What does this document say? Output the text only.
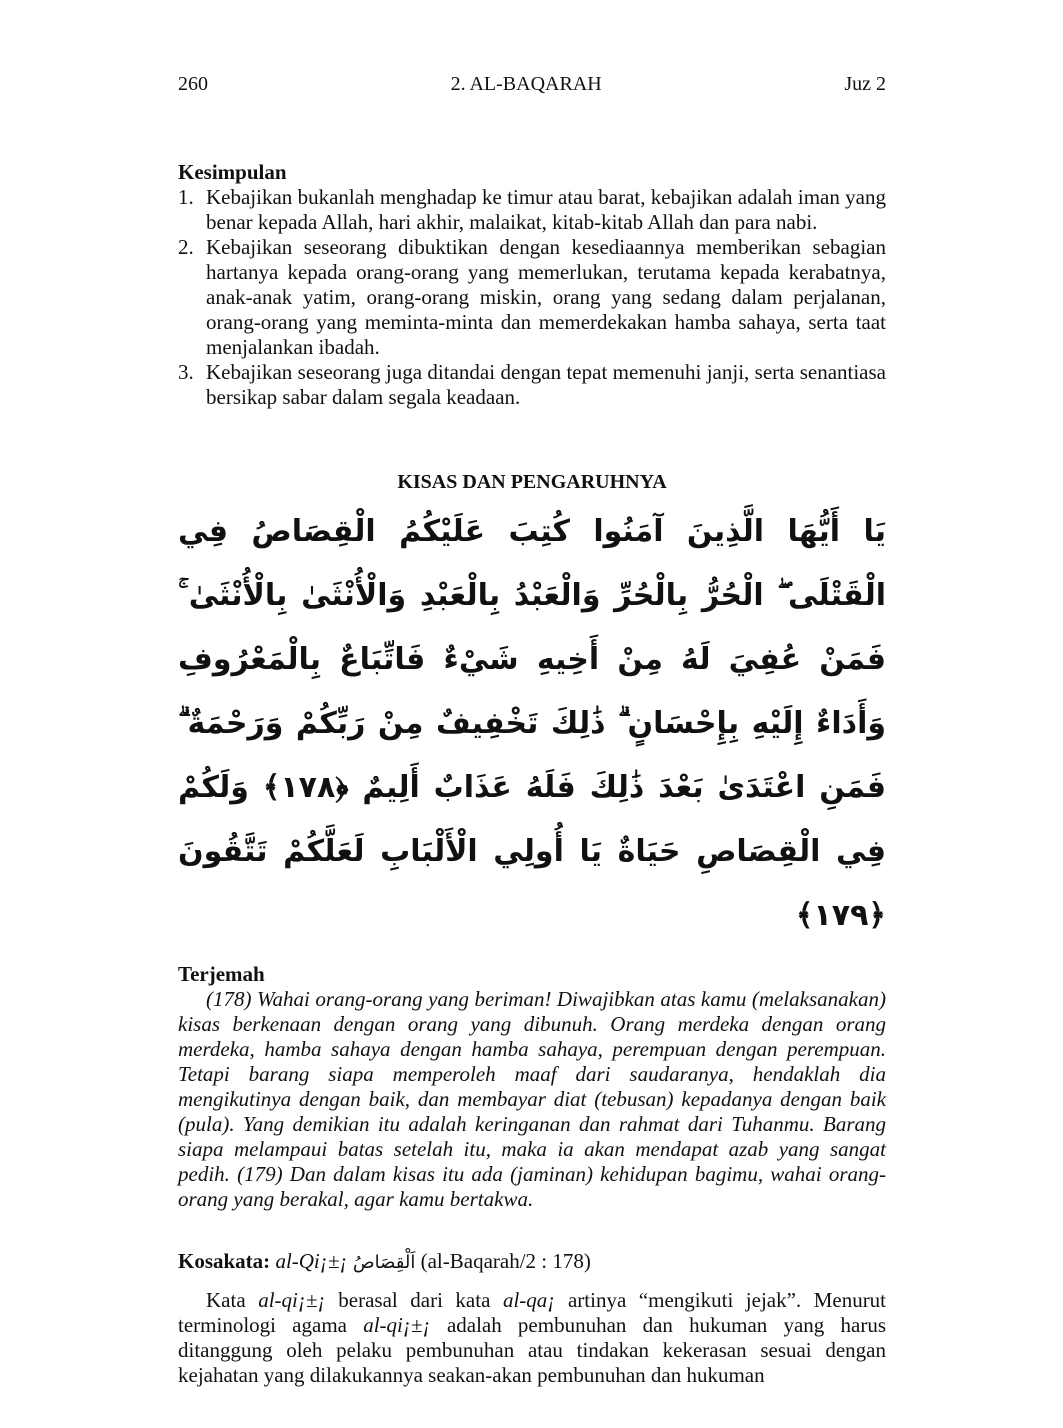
260	2. AL-BAQARAH	Juz 2
Kesimpulan
1. Kebajikan bukanlah menghadap ke timur atau barat, kebajikan adalah iman yang benar kepada Allah, hari akhir, malaikat, kitab-kitab Allah dan para nabi.
2. Kebajikan seseorang dibuktikan dengan kesediaannya memberikan sebagian hartanya kepada orang-orang yang memerlukan, terutama kepada kerabatnya, anak-anak yatim, orang-orang miskin, orang yang sedang dalam perjalanan, orang-orang yang meminta-minta dan memerdekakan hamba sahaya, serta taat menjalankan ibadah.
3. Kebajikan seseorang juga ditandai dengan tepat memenuhi janji, serta senantiasa bersikap sabar dalam segala keadaan.
KISAS DAN PENGARUHNYA
يَا أَيُّهَا الَّذِينَ آمَنُوا كُتِبَ عَلَيْكُمُ الْقِصَاصُ فِي الْقَتْلَى ۖ الْحُرُّ بِالْحُرِّ وَالْعَبْدُ بِالْعَبْدِ وَالْأُنْثَىٰ بِالْأُنْثَىٰ ۚ فَمَنْ عُفِيَ لَهُ مِنْ أَخِيهِ شَيْءٌ فَاتِّبَاعٌ بِالْمَعْرُوفِ وَأَدَاءٌ إِلَيْهِ بِإِحْسَانٍ ۗ ذَٰلِكَ تَخْفِيفٌ مِنْ رَبِّكُمْ وَرَحْمَةٌ ۗ فَمَنِ اعْتَدَىٰ بَعْدَ ذَٰلِكَ فَلَهُ عَذَابٌ أَلِيمٌ ﴿١٧٨﴾ وَلَكُمْ فِي الْقِصَاصِ حَيَاةٌ يَا أُولِي الْأَلْبَابِ لَعَلَّكُمْ تَتَّقُونَ ﴿١٧٩﴾
Terjemah

(178) Wahai orang-orang yang beriman! Diwajibkan atas kamu (melaksanakan) kisas berkenaan dengan orang yang dibunuh. Orang merdeka dengan orang merdeka, hamba sahaya dengan hamba sahaya, perempuan dengan perempuan. Tetapi barang siapa memperoleh maaf dari saudaranya, hendaklah dia mengikutinya dengan baik, dan membayar diat (tebusan) kepadanya dengan baik (pula). Yang demikian itu adalah keringanan dan rahmat dari Tuhanmu. Barang siapa melampaui batas setelah itu, maka ia akan mendapat azab yang sangat pedih. (179) Dan dalam kisas itu ada (jaminan) kehidupan bagimu, wahai orang-orang yang berakal, agar kamu bertakwa.

Kosakata: al-Qi¡±¡ اَلْقِصَاصُ (al-Baqarah/2 : 178)

Kata al-qi¡±¡ berasal dari kata al-qa¡ artinya “mengikuti jejak”. Menurut terminologi agama al-qi¡±¡ adalah pembunuhan dan hukuman yang harus ditanggung oleh pelaku pembunuhan atau tindakan kekerasan sesuai dengan kejahatan yang dilakukannya seakan-akan pembunuhan dan hukuman
